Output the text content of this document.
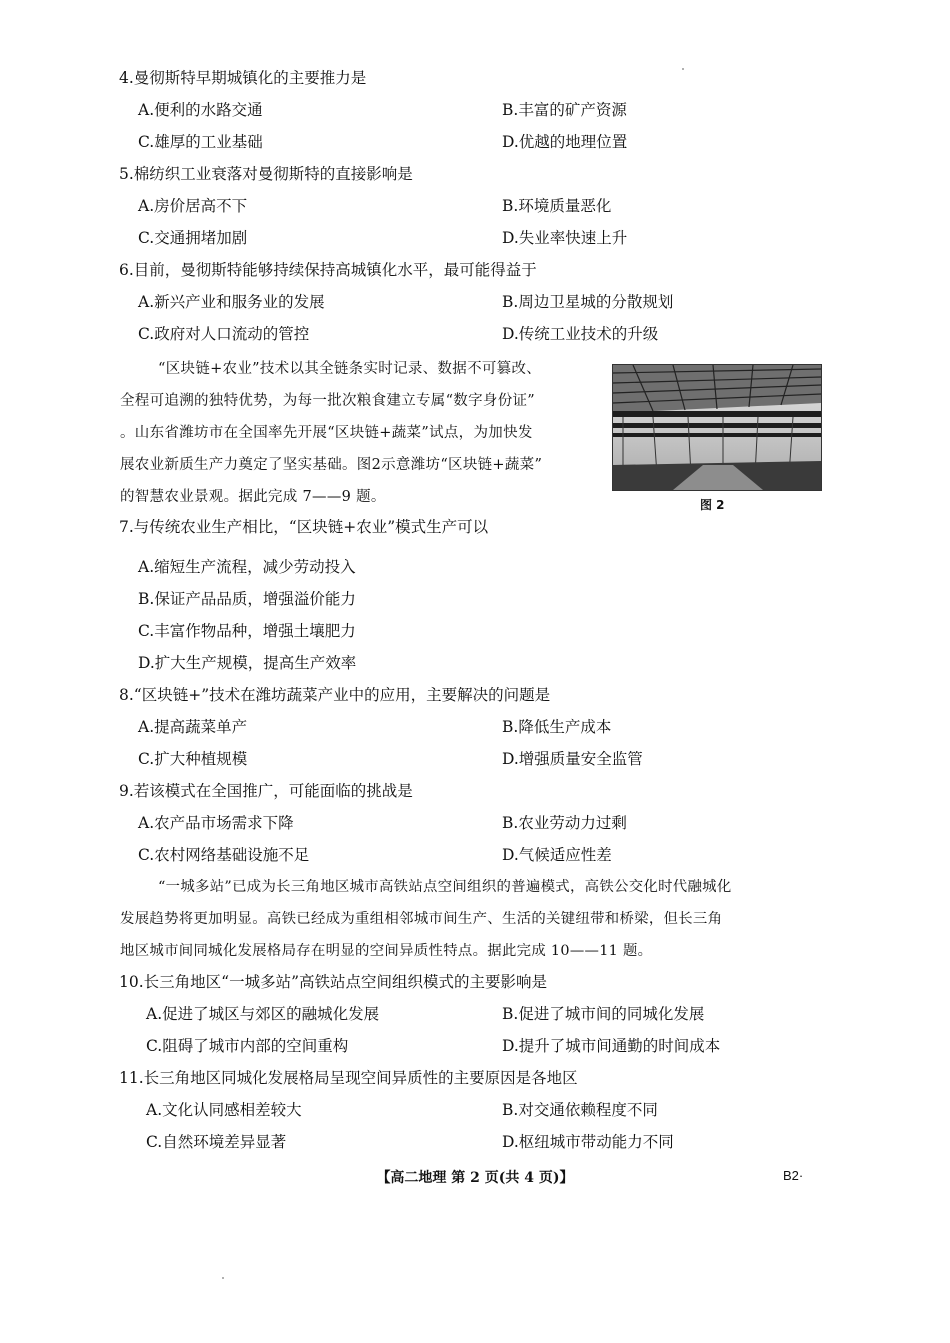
4.曼彻斯特早期城镇化的主要推力是
A.便利的水路交通	B.丰富的矿产资源
C.雄厚的工业基础	D.优越的地理位置
5.棉纺织工业衰落对曼彻斯特的直接影响是
A.房价居高不下	B.环境质量恶化
C.交通拥堵加剧	D.失业率快速上升
6.目前，曼彻斯特能够持续保持高城镇化水平，最可能得益于
A.新兴产业和服务业的发展	B.周边卫星城的分散规划
C.政府对人口流动的管控	D.传统工业技术的升级

“区块链+农业”技术以其全链条实时记录、数据不可篡改、

全程可追溯的独特优势，为每一批次粮食建立专属“数字身份证”

。山东省潍坊市在全国率先开展“区块链+蔬菜”试点，为加快发

展农业新质生产力奠定了坚实基础。图2示意潍坊“区块链+蔬菜”

的智慧农业景观。据此完成 7——9 题。	图 2
7.与传统农业生产相比，“区块链+农业”模式生产可以
A.缩短生产流程，减少劳动投入
B.保证产品品质，增强溢价能力
C.丰富作物品种，增强土壤肥力
D.扩大生产规模，提高生产效率
8.“区块链+”技术在潍坊蔬菜产业中的应用，主要解决的问题是
A.提高蔬菜单产	B.降低生产成本
C.扩大种植规模	D.增强质量安全监管
9.若该模式在全国推广，可能面临的挑战是
A.农产品市场需求下降	B.农业劳动力过剩
C.农村网络基础设施不足	D.气候适应性差

“一城多站”已成为长三角地区城市高铁站点空间组织的普遍模式，高铁公交化时代融城化

发展趋势将更加明显。高铁已经成为重组相邻城市间生产、生活的关键纽带和桥梁，但长三角

地区城市间同城化发展格局存在明显的空间异质性特点。据此完成 10——11 题。

10.长三角地区“一城多站”高铁站点空间组织模式的主要影响是
A.促进了城区与郊区的融城化发展	B.促进了城市间的同城化发展
C.阻碍了城市内部的空间重构	D.提升了城市间通勤的时间成本
11.长三角地区同城化发展格局呈现空间异质性的主要原因是各地区
A.文化认同感相差较大	B.对交通依赖程度不同
C.自然环境差异显著	D.枢纽城市带动能力不同
【高二地理 第 2 页(共 4 页)】	B2·
